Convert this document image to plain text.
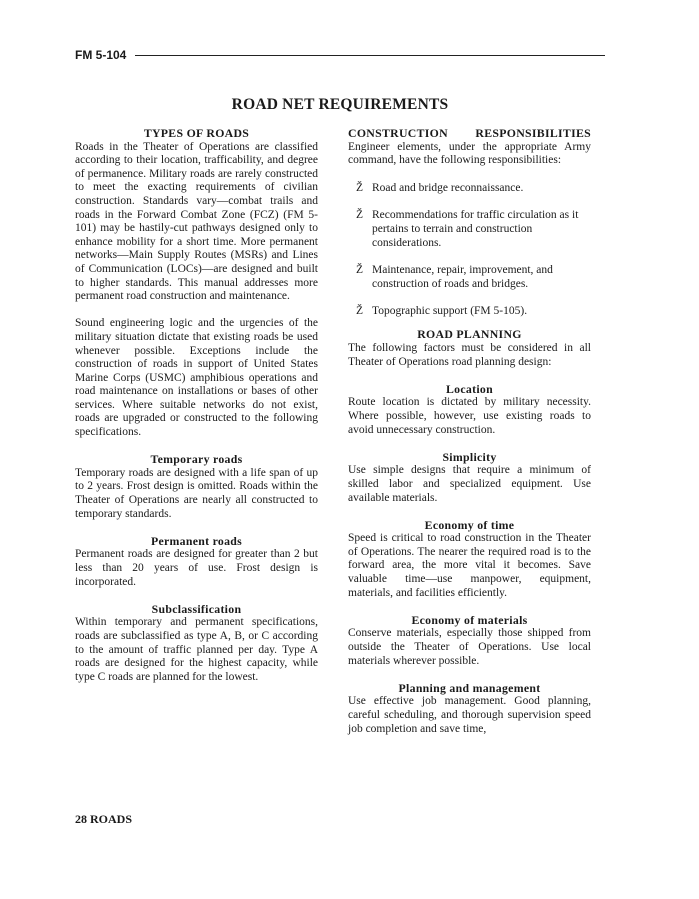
FM 5-104
ROAD NET REQUIREMENTS
TYPES OF ROADS

Roads in the Theater of Operations are classified according to their location, trafficability, and degree of permanence. Military roads are rarely constructed to meet the exacting requirements of civilian construction. Standards vary—combat trails and roads in the Forward Combat Zone (FCZ) (FM 5-101) may be hastily-cut pathways designed only to enhance mobility for a short time. More permanent networks—Main Supply Routes (MSRs) and Lines of Communication (LOCs)—are designed and built to higher standards. This manual addresses more permanent road construction and maintenance.

Sound engineering logic and the urgencies of the military situation dictate that existing roads be used whenever possible. Exceptions include the construction of roads in support of United States Marine Corps (USMC) amphibious operations and road maintenance on installations or bases of other services. Where suitable networks do not exist, roads are upgraded or constructed to the following specifications.

Temporary roads

Temporary roads are designed with a life span of up to 2 years. Frost design is omitted. Roads within the Theater of Operations are nearly all constructed to temporary standards.

Permanent roads

Permanent roads are designed for greater than 2 but less than 20 years of use. Frost design is incorporated.

Subclassification

Within temporary and permanent specifications, roads are subclassified as type A, B, or C according to the amount of traffic planned per day. Type A roads are designed for the highest capacity, while type C roads are planned for the lowest.

CONSTRUCTION RESPONSIBILITIES

Engineer elements, under the appropriate Army command, have the following responsibilities:

Ž Road and bridge reconnaissance.
Ž Recommendations for traffic circulation as it pertains to terrain and construction considerations.
Ž Maintenance, repair, improvement, and construction of roads and bridges.
Ž Topographic support (FM 5-105).
ROAD PLANNING

The following factors must be considered in all Theater of Operations road planning design:

Location

Route location is dictated by military necessity. Where possible, however, use existing roads to avoid unnecessary construction.

Simplicity

Use simple designs that require a minimum of skilled labor and specialized equipment. Use available materials.

Economy of time

Speed is critical to road construction in the Theater of Operations. The nearer the required road is to the forward area, the more vital it becomes. Save valuable time—use manpower, equipment, materials, and facilities efficiently.

Economy of materials

Conserve materials, especially those shipped from outside the Theater of Operations. Use local materials wherever possible.

Planning and management

Use effective job management. Good planning, careful scheduling, and thorough supervision speed job completion and save time,

28 ROADS
